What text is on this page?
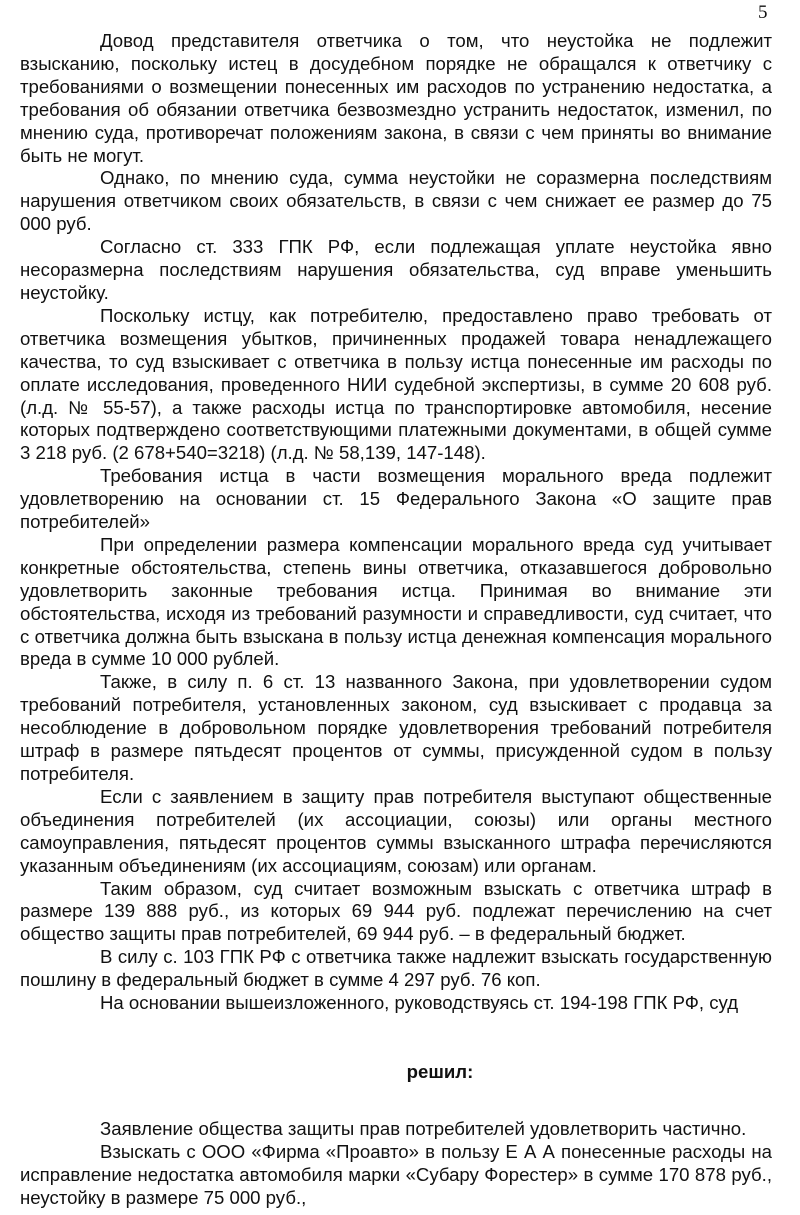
5

Довод представителя ответчика о том, что неустойка не подлежит взысканию, поскольку истец в досудебном порядке не обращался к ответчику с требованиями о возмещении понесенных им расходов по устранению недостатка, а требования об обязании ответчика безвозмездно устранить недостаток, изменил, по мнению суда, противоречат положениям закона, в связи с чем приняты во внимание быть не могут.

Однако, по мнению суда, сумма неустойки не соразмерна последствиям нарушения ответчиком своих обязательств, в связи с чем снижает ее размер до 75 000 руб.

Согласно ст. 333 ГПК РФ, если подлежащая уплате неустойка явно несоразмерна последствиям нарушения обязательства, суд вправе уменьшить неустойку.

Поскольку истцу, как потребителю, предоставлено право требовать от ответчика возмещения убытков, причиненных продажей товара ненадлежащего качества, то суд взыскивает с ответчика в пользу истца понесенные им расходы по оплате исследования, проведенного НИИ судебной экспертизы, в сумме 20 608 руб. (л.д. № 55-57), а также расходы истца по транспортировке автомобиля, несение которых подтверждено соответствующими платежными документами, в общей сумме 3 218 руб. (2 678+540=3218) (л.д. № 58,139, 147-148).

Требования истца в части возмещения морального вреда подлежит удовлетворению на основании ст. 15 Федерального Закона «О защите прав потребителей»

При определении размера компенсации морального вреда суд учитывает конкретные обстоятельства, степень вины ответчика, отказавшегося добровольно удовлетворить законные требования истца. Принимая во внимание эти обстоятельства, исходя из требований разумности и справедливости, суд считает, что с ответчика должна быть взыскана в пользу истца денежная компенсация морального вреда в сумме 10 000 рублей.

Также, в силу п. 6 ст. 13 названного Закона, при удовлетворении судом требований потребителя, установленных законом, суд взыскивает с продавца за несоблюдение в добровольном порядке удовлетворения требований потребителя штраф в размере пятьдесят процентов от суммы, присужденной судом в пользу потребителя.

Если с заявлением в защиту прав потребителя выступают общественные объединения потребителей (их ассоциации, союзы) или органы местного самоуправления, пятьдесят процентов суммы взысканного штрафа перечисляются указанным объединениям (их ассоциациям, союзам) или органам.

Таким образом, суд считает возможным взыскать с ответчика штраф в размере 139 888 руб., из которых 69 944 руб. подлежат перечислению на счет общество защиты прав потребителей, 69 944 руб. – в федеральный бюджет.

В силу с. 103 ГПК РФ с ответчика также надлежит взыскать государственную пошлину в федеральный бюджет в сумме 4 297 руб. 76 коп.

На основании вышеизложенного, руководствуясь ст. 194-198 ГПК РФ, суд

решил:

Заявление общества защиты прав потребителей удовлетворить частично.

Взыскать с ООО «Фирма «Проавто» в пользу Е А А понесенные расходы на исправление недостатка автомобиля марки «Субару Форестер» в сумме 170 878 руб., неустойку в размере 75 000 руб.,
